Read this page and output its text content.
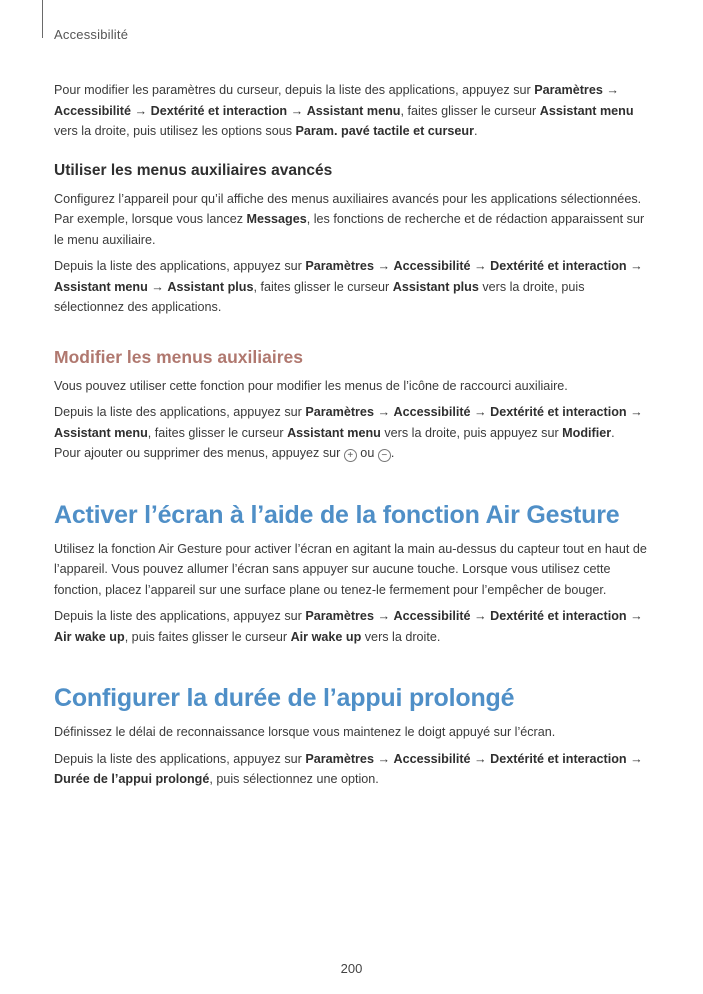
Accessibilité

Pour modifier les paramètres du curseur, depuis la liste des applications, appuyez sur Paramètres → Accessibilité → Dextérité et interaction → Assistant menu, faites glisser le curseur Assistant menu vers la droite, puis utilisez les options sous Param. pavé tactile et curseur.

Utiliser les menus auxiliaires avancés

Configurez l’appareil pour qu’il affiche des menus auxiliaires avancés pour les applications sélectionnées. Par exemple, lorsque vous lancez Messages, les fonctions de recherche et de rédaction apparaissent sur le menu auxiliaire.

Depuis la liste des applications, appuyez sur Paramètres → Accessibilité → Dextérité et interaction → Assistant menu → Assistant plus, faites glisser le curseur Assistant plus vers la droite, puis sélectionnez des applications.

Modifier les menus auxiliaires

Vous pouvez utiliser cette fonction pour modifier les menus de l’icône de raccourci auxiliaire.

Depuis la liste des applications, appuyez sur Paramètres → Accessibilité → Dextérité et interaction → Assistant menu, faites glisser le curseur Assistant menu vers la droite, puis appuyez sur Modifier.
Pour ajouter ou supprimer des menus, appuyez sur + ou − .

Activer l’écran à l’aide de la fonction Air Gesture

Utilisez la fonction Air Gesture pour activer l’écran en agitant la main au-dessus du capteur tout en haut de l’appareil. Vous pouvez allumer l’écran sans appuyer sur aucune touche. Lorsque vous utilisez cette fonction, placez l’appareil sur une surface plane ou tenez-le fermement pour l’empêcher de bouger.

Depuis la liste des applications, appuyez sur Paramètres → Accessibilité → Dextérité et interaction → Air wake up, puis faites glisser le curseur Air wake up vers la droite.

Configurer la durée de l’appui prolongé

Définissez le délai de reconnaissance lorsque vous maintenez le doigt appuyé sur l’écran.

Depuis la liste des applications, appuyez sur Paramètres → Accessibilité → Dextérité et interaction → Durée de l’appui prolongé, puis sélectionnez une option.

200
